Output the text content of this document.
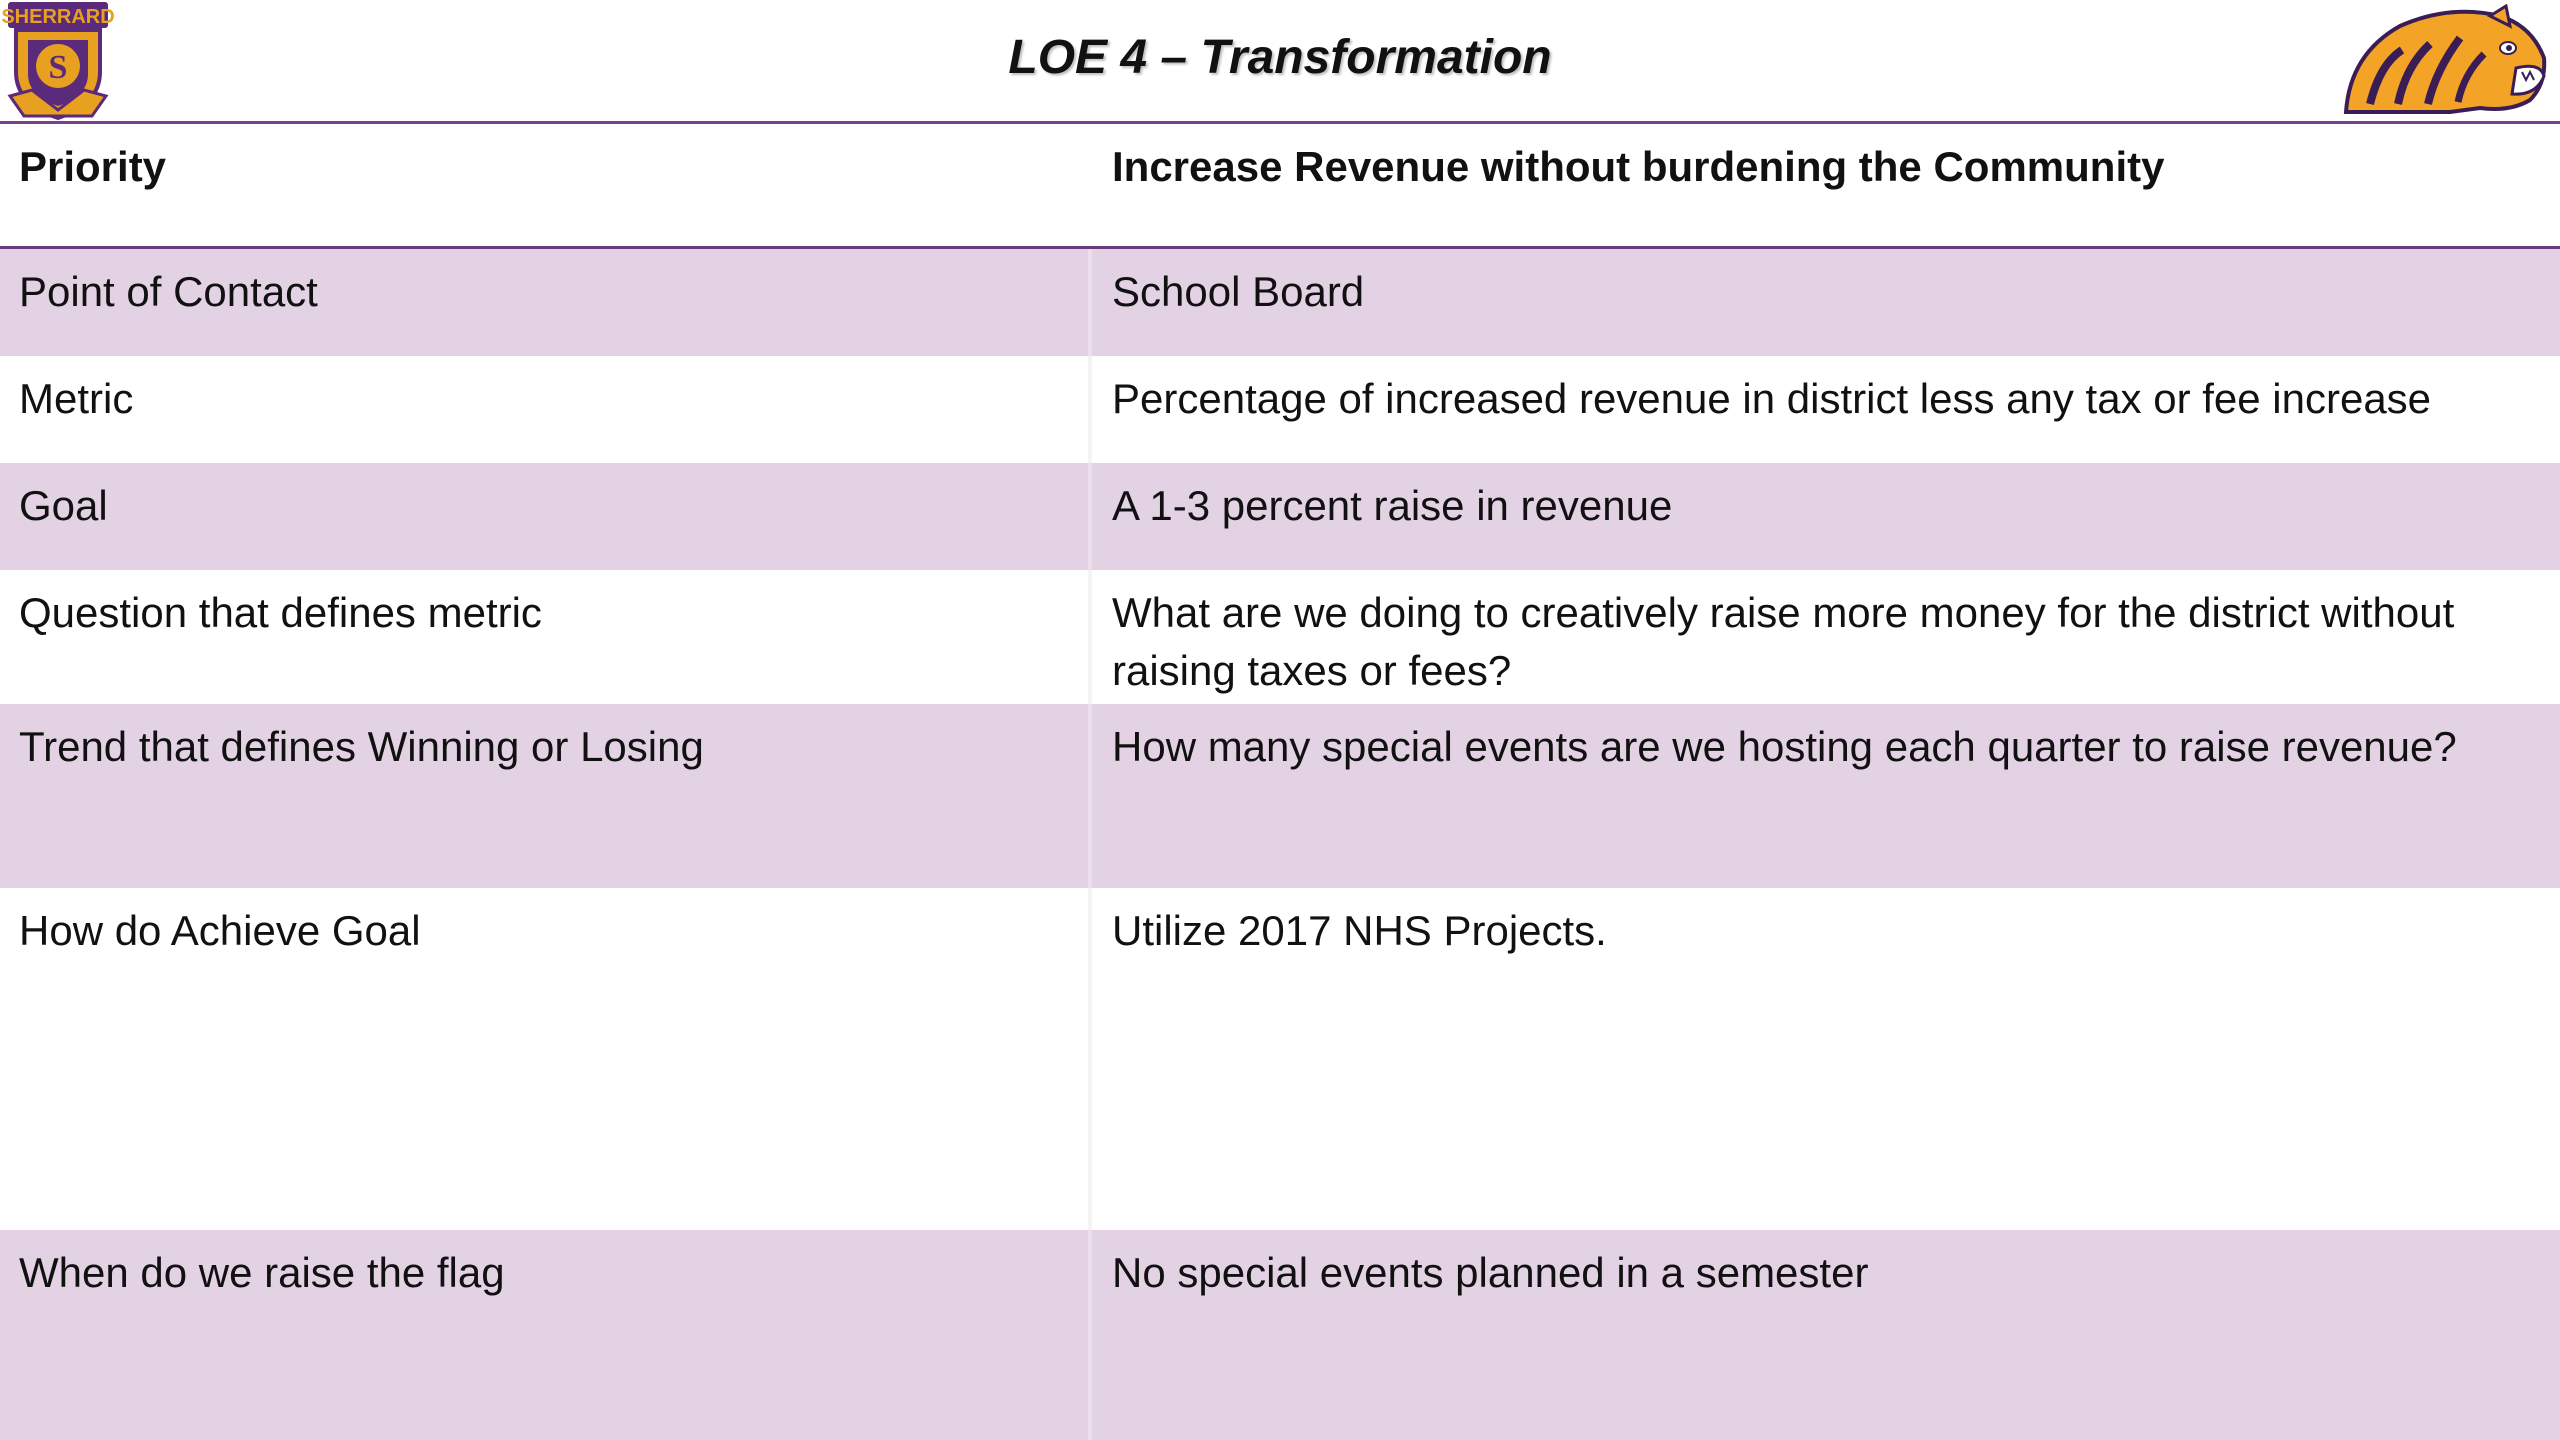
SHERRARD
S	LOE 4 – Transformation
Priority	Increase Revenue without burdening the Community
Point of Contact	School Board
Metric	Percentage of increased revenue in district less any tax or fee increase
Goal	A 1-3 percent raise in revenue
Question that defines metric	What are we doing to creatively raise more money for the district without raising taxes or fees?
Trend that defines Winning or Losing	How many special events are we hosting each quarter to raise revenue?
How do Achieve Goal	Utilize 2017 NHS Projects.
When do we raise the flag	No special events planned in a semester
